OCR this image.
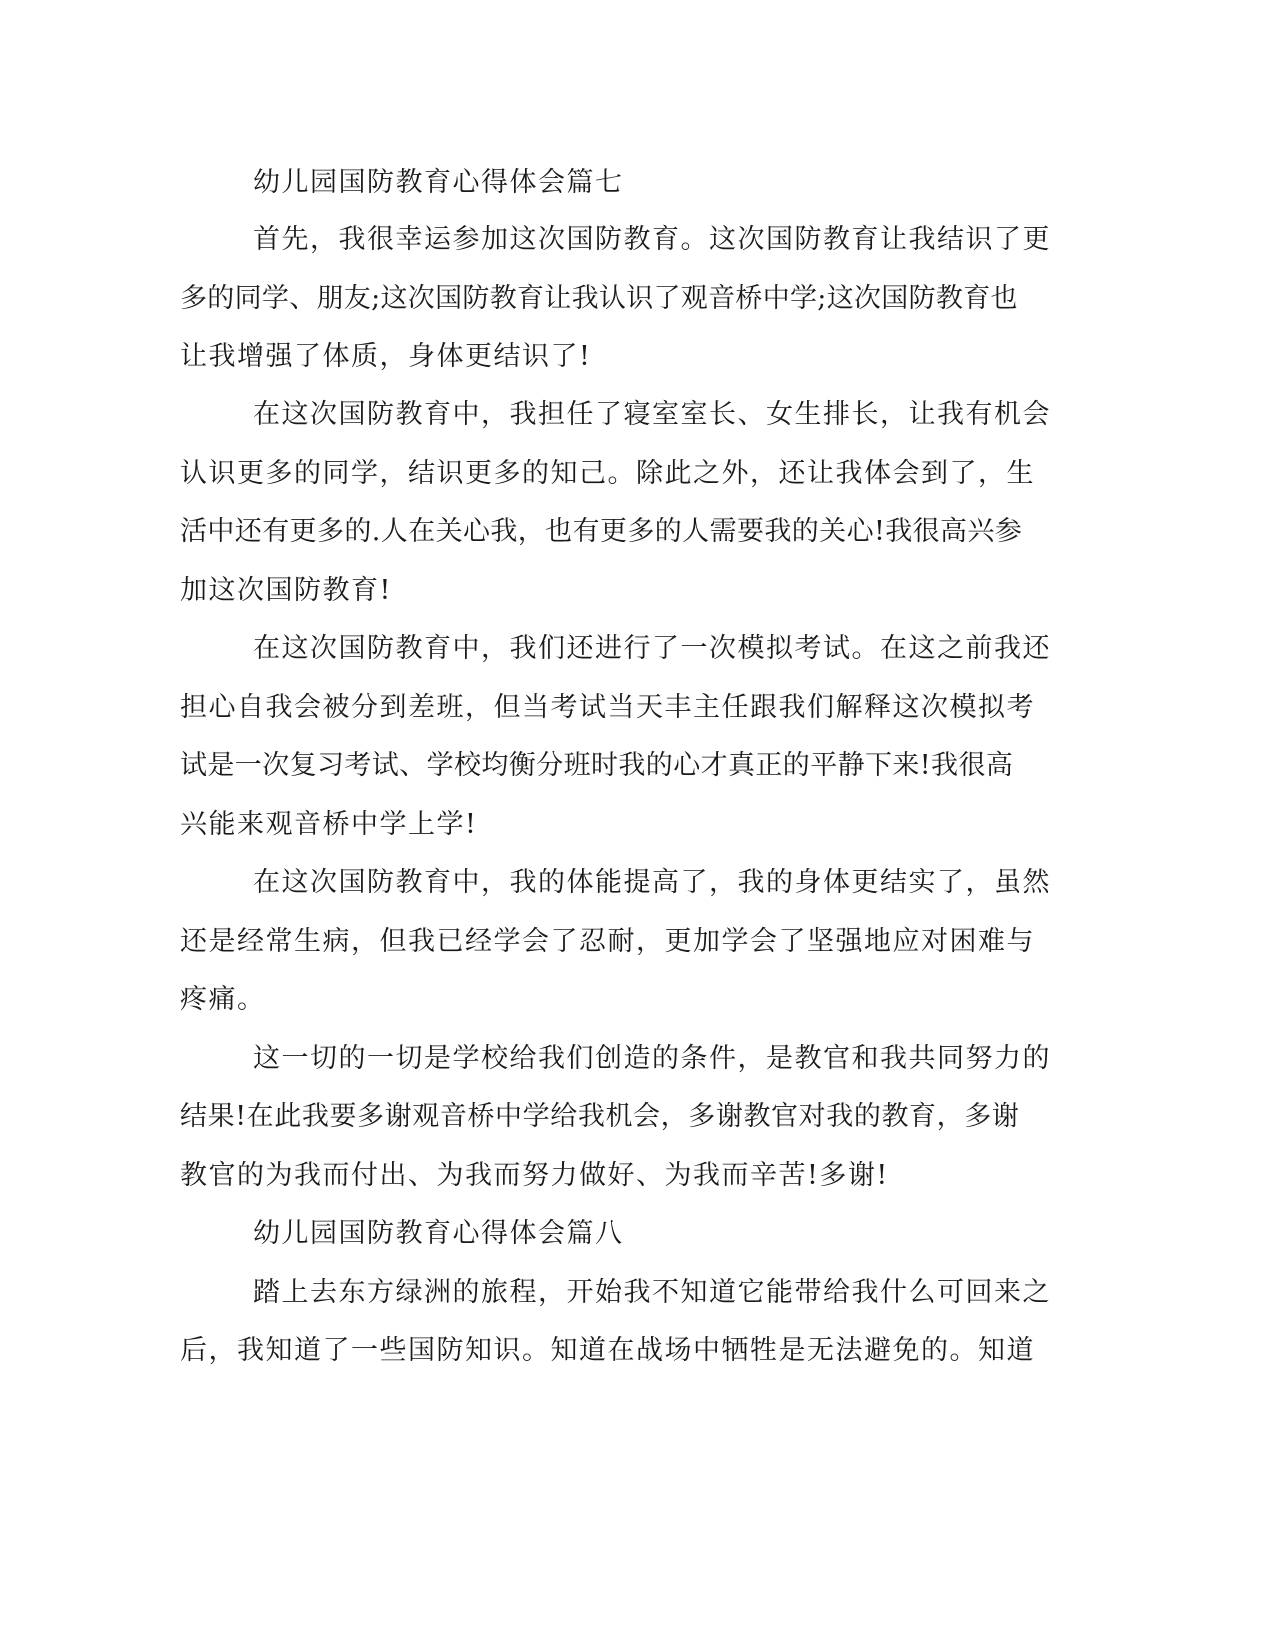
幼儿园国防教育心得体会篇七
首先，我很幸运参加这次国防教育。这次国防教育让我结识了更
多的同学、朋友;这次国防教育让我认识了观音桥中学;这次国防教育也
让我增强了体质，身体更结识了!
在这次国防教育中，我担任了寝室室长、女生排长，让我有机会
认识更多的同学，结识更多的知己。除此之外，还让我体会到了，生
活中还有更多的.人在关心我，也有更多的人需要我的关心!我很高兴参
加这次国防教育!
在这次国防教育中，我们还进行了一次模拟考试。在这之前我还
担心自我会被分到差班，但当考试当天丰主任跟我们解释这次模拟考
试是一次复习考试、学校均衡分班时我的心才真正的平静下来!我很高
兴能来观音桥中学上学!
在这次国防教育中，我的体能提高了，我的身体更结实了，虽然
还是经常生病，但我已经学会了忍耐，更加学会了坚强地应对困难与
疼痛。
这一切的一切是学校给我们创造的条件，是教官和我共同努力的
结果!在此我要多谢观音桥中学给我机会，多谢教官对我的教育，多谢
教官的为我而付出、为我而努力做好、为我而辛苦!多谢!
幼儿园国防教育心得体会篇八
踏上去东方绿洲的旅程，开始我不知道它能带给我什么可回来之
后，我知道了一些国防知识。知道在战场中牺牲是无法避免的。知道
